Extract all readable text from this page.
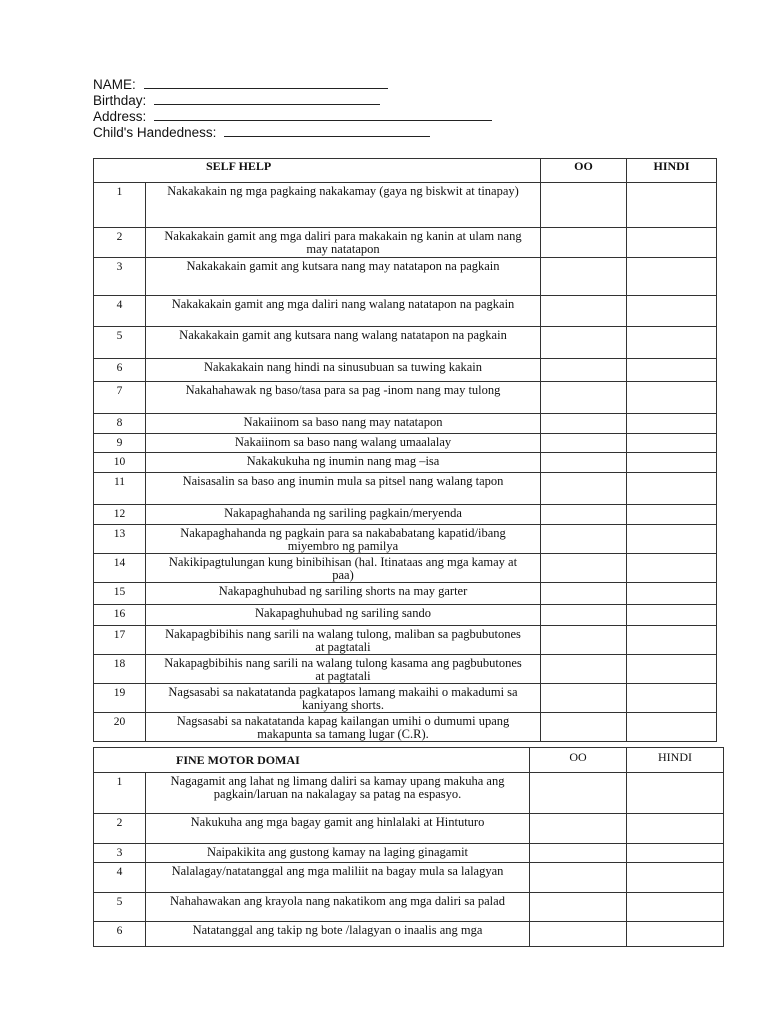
NAME:
Birthday:
Address:
Child's Handedness:
SELF HELP		OO	HINDI
1	Nakakakain ng mga pagkaing nakakamay (gaya ng biskwit at tinapay)		
2	Nakakakain gamit ang mga daliri para makakain ng kanin at ulam nang may natatapon		
3	Nakakakain gamit ang kutsara nang may natatapon na pagkain		
4	Nakakakain gamit ang mga daliri nang walang natatapon na pagkain		
5	Nakakakain gamit ang kutsara nang walang natatapon na pagkain		
6	Nakakakain nang hindi na sinusubuan sa tuwing kakain		
7	Nakahahawak ng baso/tasa para sa pag -inom nang may tulong		
8	Nakaiinom sa baso nang may natatapon		
9	Nakaiinom sa baso nang walang umaalalay		
10	Nakakukuha ng inumin nang mag –isa		
11	Naisasalin sa baso ang inumin mula sa pitsel nang walang tapon		
12	Nakapaghahanda ng sariling pagkain/meryenda		
13	Nakapaghahanda ng pagkain para sa nakababatang kapatid/ibang miyembro ng pamilya		
14	Nakikipagtulungan kung binibihisan (hal. Itinataas ang mga kamay at paa)		
15	Nakapaghuhubad ng sariling shorts na may garter		
16	Nakapaghuhubad ng sariling sando		
17	Nakapagbibihis nang sarili na walang tulong, maliban sa pagbubutones at pagtatali		
18	Nakapagbibihis nang sarili na walang tulong kasama ang pagbubutones at pagtatali		
19	Nagsasabi sa nakatatanda pagkatapos lamang makaihi o makadumi sa kaniyang shorts.		
20	Nagsasabi sa nakatatanda kapag kailangan umihi o dumumi upang makapunta sa tamang lugar (C.R).		
FINE MOTOR DOMAI		OO	HINDI
1	Nagagamit ang lahat ng limang daliri sa kamay upang makuha ang pagkain/laruan na nakalagay sa patag na espasyo.		
2	Nakukuha ang mga bagay gamit ang hinlalaki at Hintuturo		
3	Naipakikita ang gustong kamay na laging ginagamit		
4	Nalalagay/natatanggal ang mga maliliit na bagay mula sa lalagyan		
5	Nahahawakan ang krayola nang nakatikom ang mga daliri sa palad		
6	Natatanggal ang takip ng bote /lalagyan o inaalis ang mga		
